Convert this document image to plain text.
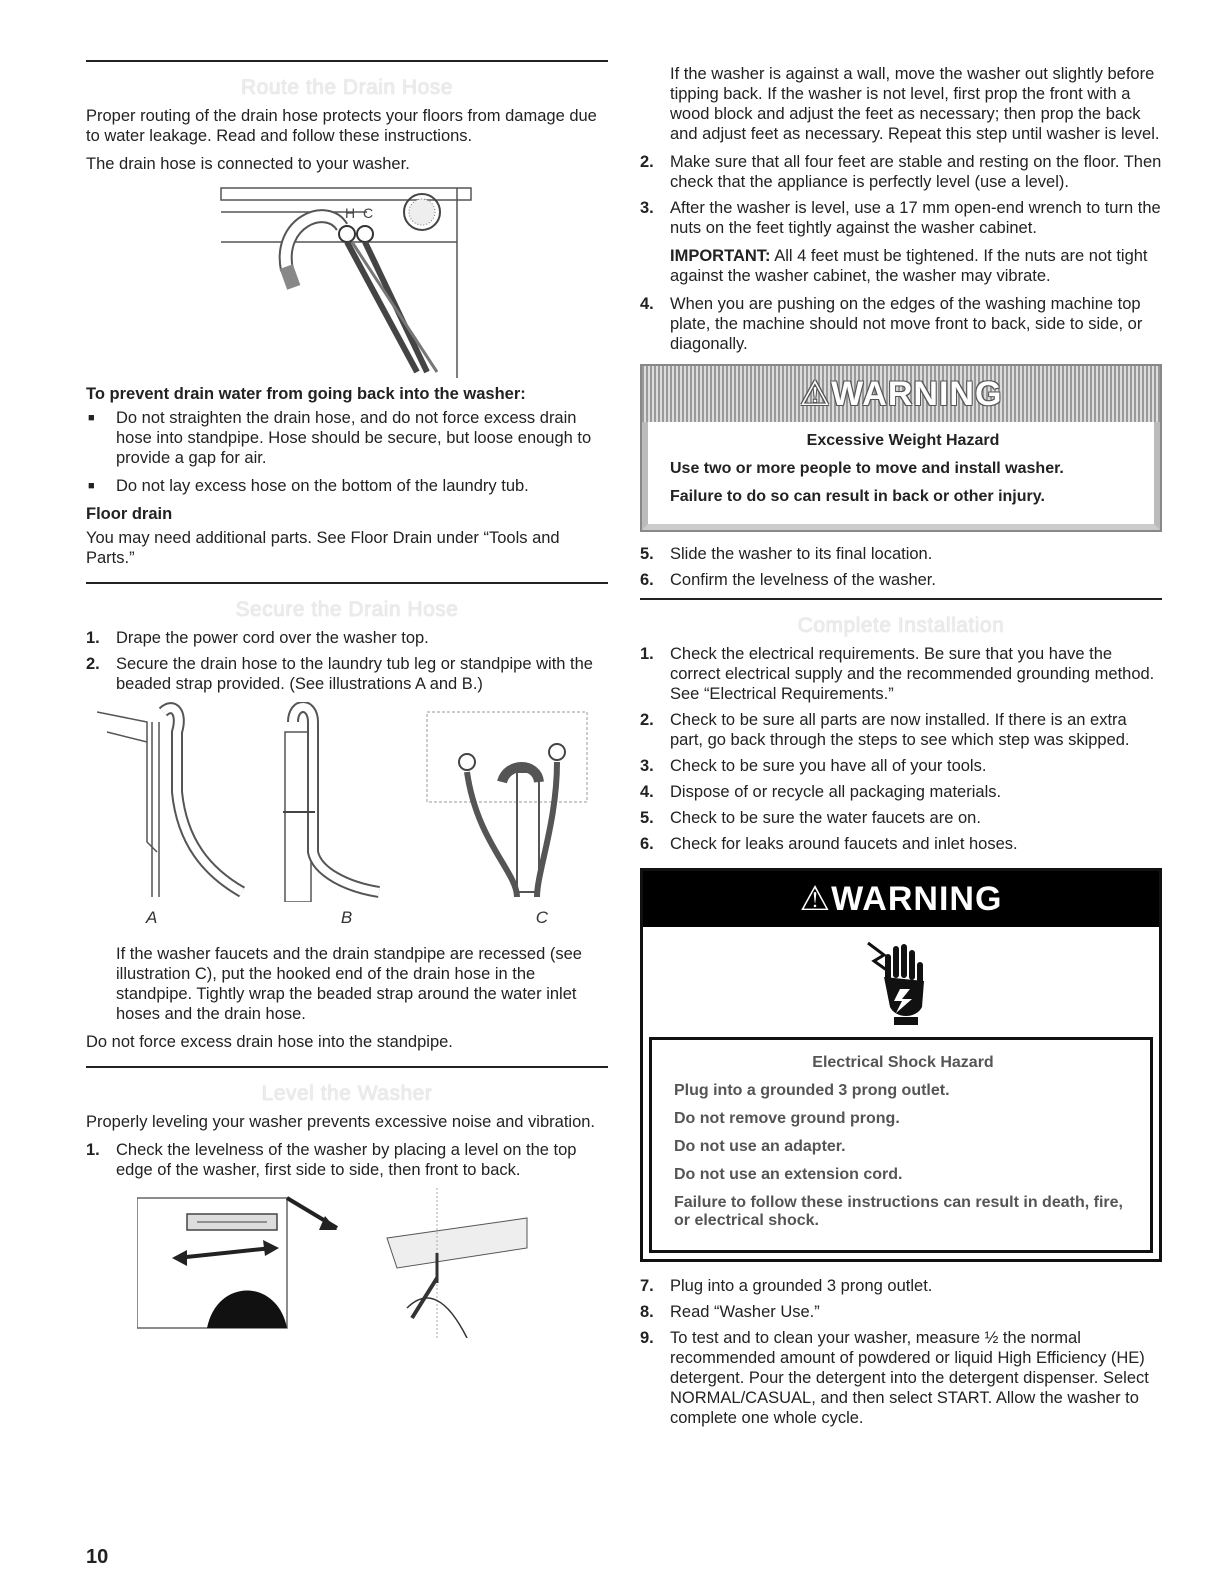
Route the Drain Hose

Proper routing of the drain hose protects your floors from damage due to water leakage. Read and follow these instructions.

The drain hose is connected to your washer.

H C
To prevent drain water from going back into the washer:
■ Do not straighten the drain hose, and do not force excess drain hose into standpipe. Hose should be secure, but loose enough to provide a gap for air.
■ Do not lay excess hose on the bottom of the laundry tub.
Floor drain

You may need additional parts. See Floor Drain under “Tools and Parts.”

Secure the Drain Hose
1. Drape the power cord over the washer top.
2. Secure the drain hose to the laundry tub leg or standpipe with the beaded strap provided. (See illustrations A and B.)
A	B	C

If the washer faucets and the drain standpipe are recessed (see illustration C), put the hooked end of the drain hose in the standpipe. Tightly wrap the beaded strap around the water inlet hoses and the drain hose.

Do not force excess drain hose into the standpipe.

Level the Washer

Properly leveling your washer prevents excessive noise and vibration.

1. Check the levelness of the washer by placing a level on the top edge of the washer, first side to side, then front to back.

If the washer is against a wall, move the washer out slightly before tipping back. If the washer is not level, first prop the front with a wood block and adjust the feet as necessary; then prop the back and adjust feet as necessary. Repeat this step until washer is level.

2. Make sure that all four feet are stable and resting on the floor. Then check that the appliance is perfectly level (use a level).
3. After the washer is level, use a 17 mm open-end wrench to turn the nuts on the feet tightly against the washer cabinet.

IMPORTANT: All 4 feet must be tightened. If the nuts are not tight against the washer cabinet, the washer may vibrate.

4. When you are pushing on the edges of the washing machine top plate, the machine should not move front to back, side to side, or diagonally.
⚠WARNING
Excessive Weight Hazard
Use two or more people to move and install washer.
Failure to do so can result in back or other injury.
5. Slide the washer to its final location.
6. Confirm the levelness of the washer.
Complete Installation
1. Check the electrical requirements. Be sure that you have the correct electrical supply and the recommended grounding method. See “Electrical Requirements.”
2. Check to be sure all parts are now installed. If there is an extra part, go back through the steps to see which step was skipped.
3. Check to be sure you have all of your tools.
4. Dispose of or recycle all packaging materials.
5. Check to be sure the water faucets are on.
6. Check for leaks around faucets and inlet hoses.
⚠WARNING
Electrical Shock Hazard
Plug into a grounded 3 prong outlet.
Do not remove ground prong.
Do not use an adapter.
Do not use an extension cord.
Failure to follow these instructions can result in death, fire, or electrical shock.
7. Plug into a grounded 3 prong outlet.
8. Read “Washer Use.”
9. To test and to clean your washer, measure ½ the normal recommended amount of powdered or liquid High Efficiency (HE) detergent. Pour the detergent into the detergent dispenser. Select NORMAL/CASUAL, and then select START. Allow the washer to complete one whole cycle.
10
